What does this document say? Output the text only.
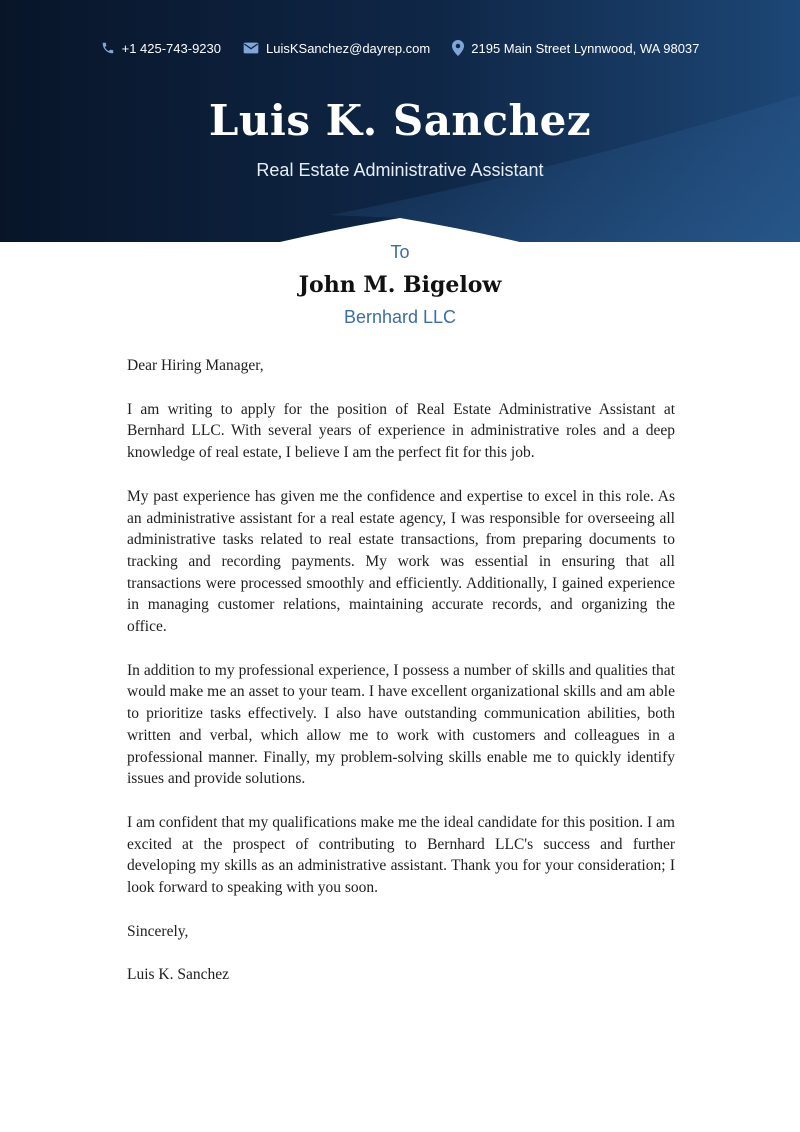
+1 425-743-9230	LuisKSanchez@dayrep.com	2195 Main Street Lynnwood, WA 98037
Luis K. Sanchez
Real Estate Administrative Assistant
To
John M. Bigelow
Bernhard LLC

Dear Hiring Manager,

I am writing to apply for the position of Real Estate Administrative Assistant at Bernhard LLC. With several years of experience in administrative roles and a deep knowledge of real estate, I believe I am the perfect fit for this job.

My past experience has given me the confidence and expertise to excel in this role. As an administrative assistant for a real estate agency, I was responsible for overseeing all administrative tasks related to real estate transactions, from preparing documents to tracking and recording payments. My work was essential in ensuring that all transactions were processed smoothly and efficiently. Additionally, I gained experience in managing customer relations, maintaining accurate records, and organizing the office.

In addition to my professional experience, I possess a number of skills and qualities that would make me an asset to your team. I have excellent organizational skills and am able to prioritize tasks effectively. I also have outstanding communication abilities, both written and verbal, which allow me to work with customers and colleagues in a professional manner. Finally, my problem-solving skills enable me to quickly identify issues and provide solutions.

I am confident that my qualifications make me the ideal candidate for this position. I am excited at the prospect of contributing to Bernhard LLC's success and further developing my skills as an administrative assistant. Thank you for your consideration; I look forward to speaking with you soon.

Sincerely,

Luis K. Sanchez
